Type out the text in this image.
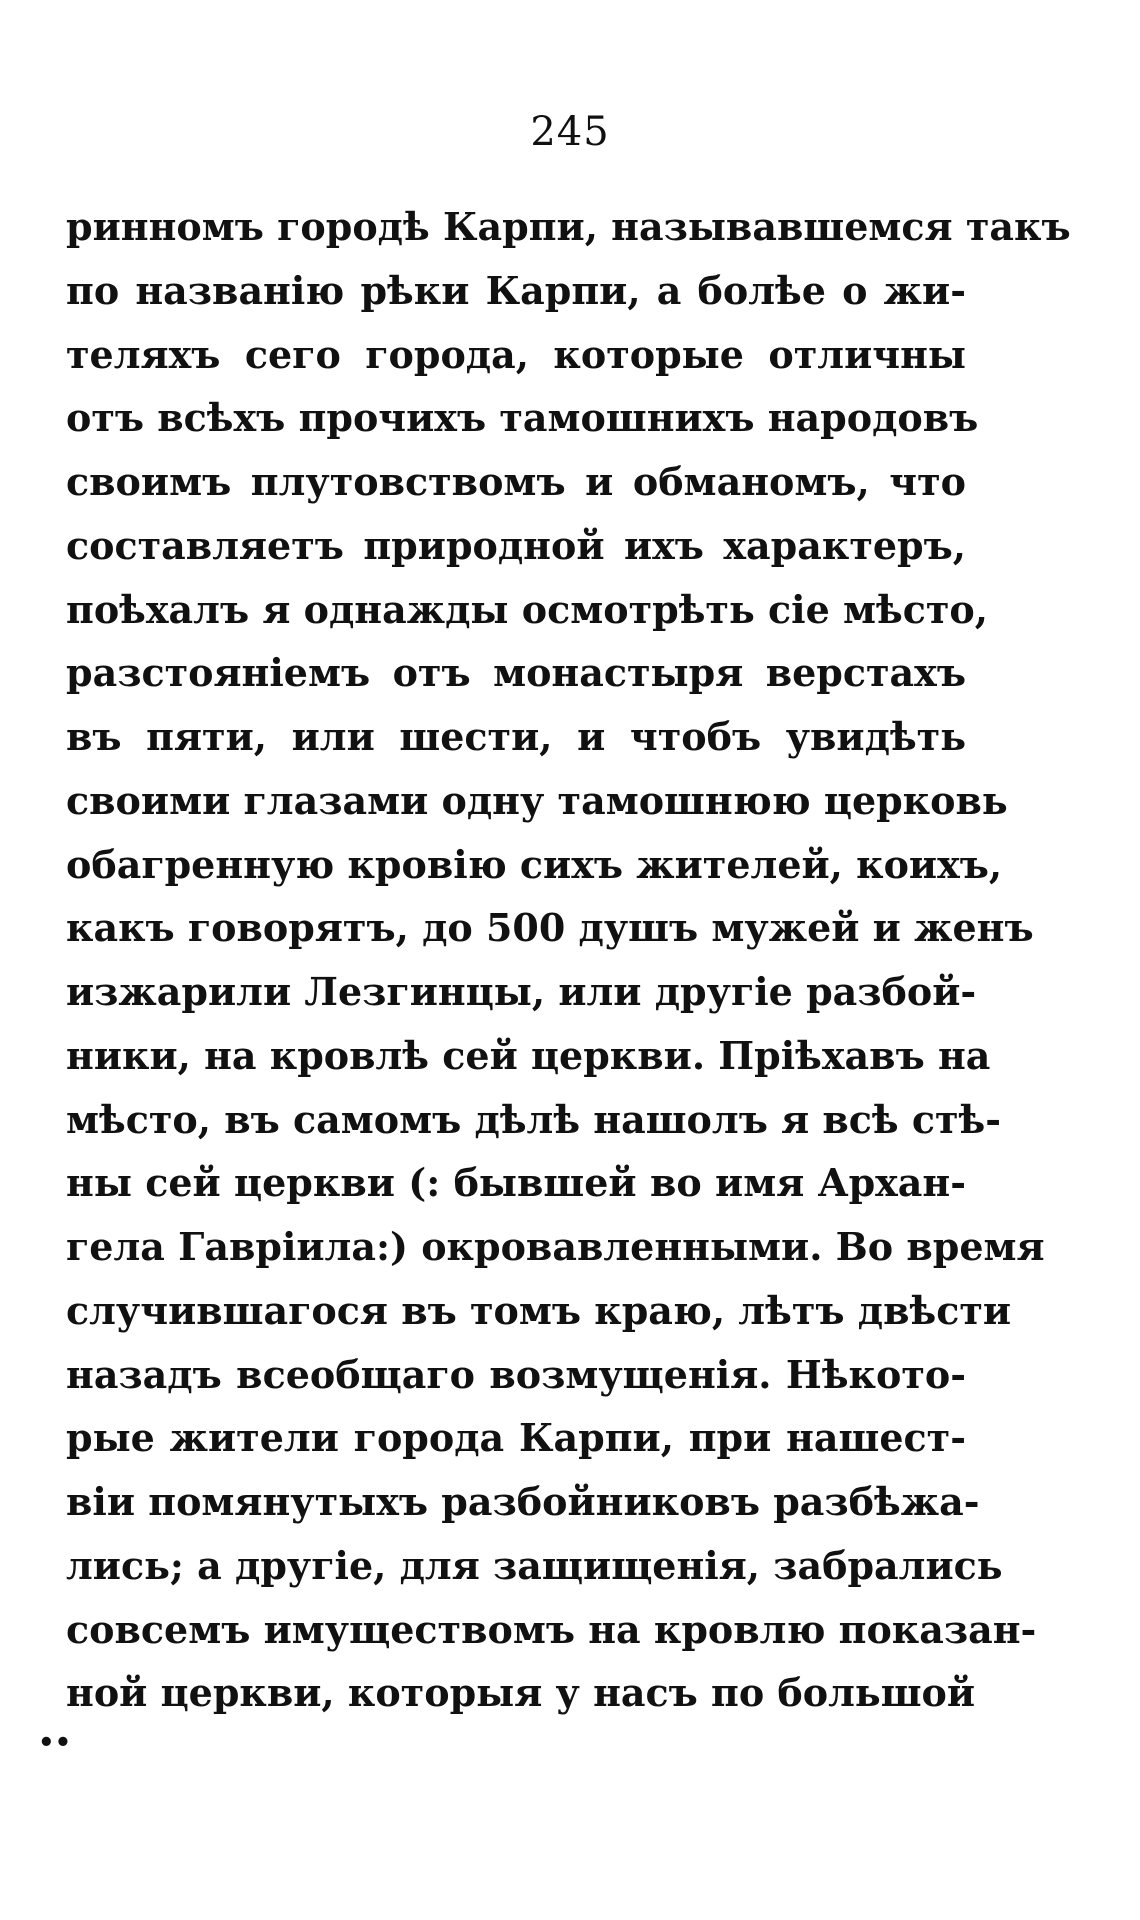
245
ринномъ городѣ Карпи, называвшемся такъ
по названію рѣки Карпи, а болѣе о жи-
теляхъ сего города, которые отличны
отъ всѣхъ прочихъ тамошнихъ народовъ
своимъ плутовствомъ и обманомъ, что
составляетъ природной ихъ характеръ,
поѣхалъ я однажды осмотрѣть сіе мѣсто,
разстояніемъ отъ монастыря верстахъ
въ пяти, или шести, и чтобъ увидѣть
своими глазами одну тамошнюю церковь
обагренную кровію сихъ жителей, коихъ,
какъ говорятъ, до 500 душъ мужей и женъ
изжарили Лезгинцы, или другіе разбой-
ники, на кровлѣ сей церкви. Пріѣхавъ на
мѣсто, въ самомъ дѣлѣ нашолъ я всѣ стѣ-
ны сей церкви (: бывшей во имя Архан-
гела Гавріила:) окровавленными. Во время
случившагося въ томъ краю, лѣтъ двѣсти
назадъ всеобщаго возмущенія. Нѣкото-
рые жители города Карпи, при нашест-
віи помянутыхъ разбойниковъ разбѣжа-
лись; а другіе, для защищенія, забрались
совсемъ имуществомъ на кровлю показан-
ной церкви, которыя у насъ по большой
••
